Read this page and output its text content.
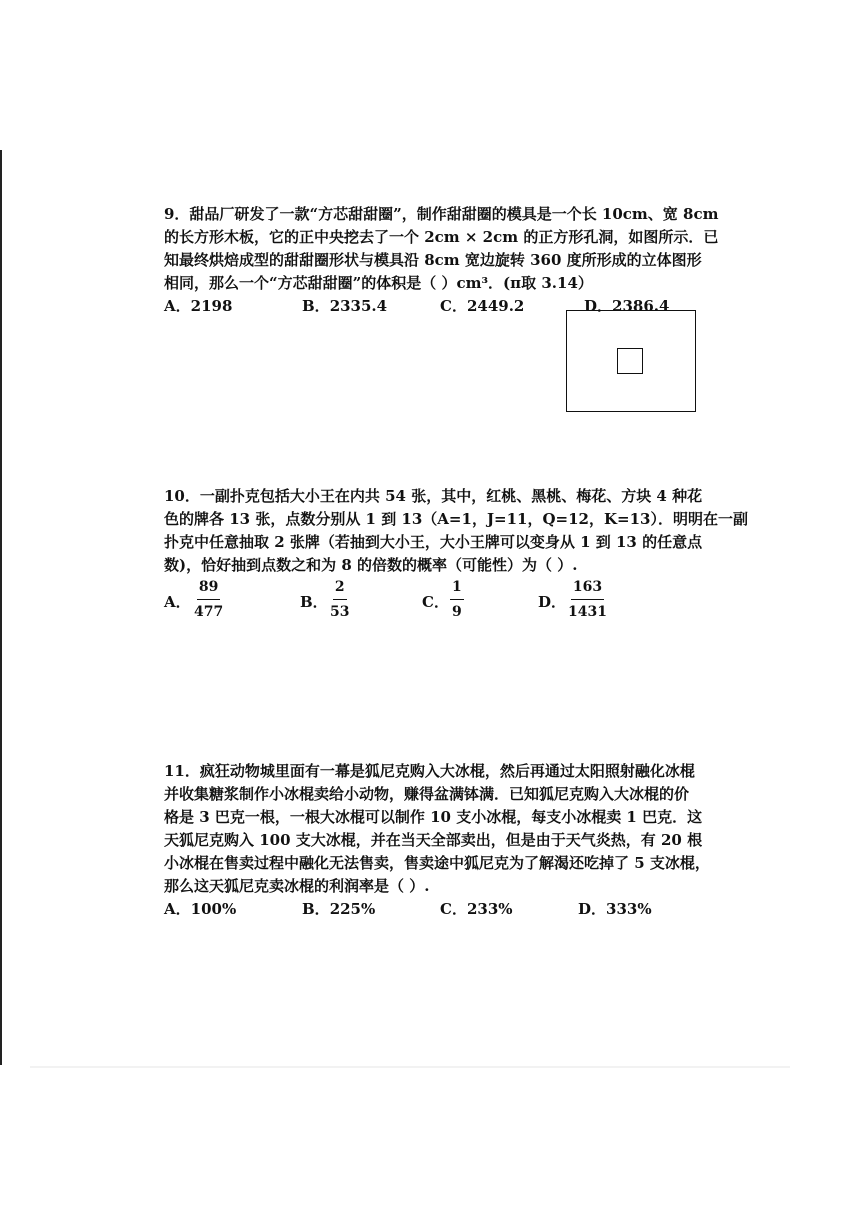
9．甜品厂研发了一款“方芯甜甜圈”，制作甜甜圈的模具是一个长 10cm、宽 8cm
的长方形木板，它的正中央挖去了一个 2cm × 2cm 的正方形孔洞，如图所示．已
知最终烘焙成型的甜甜圈形状与模具沿 8cm 宽边旋转 360 度所形成的立体图形
相同，那么一个“方芯甜甜圈”的体积是（ ）cm³．(π取 3.14）
A．2198	B．2335.4	C．2449.2	D．2386.4
10．一副扑克包括大小王在内共 54 张，其中，红桃、黑桃、梅花、方块 4 种花
色的牌各 13 张，点数分别从 1 到 13（A=1，J=11，Q=12，K=13）．明明在一副
扑克中任意抽取 2 张牌（若抽到大小王，大小王牌可以变身从 1 到 13 的任意点
数)，恰好抽到点数之和为 8 的倍数的概率（可能性）为（ ）.
A． $\frac{89}{477}$	B． $\frac{2}{53}$	C． $\frac{1}{9}$	D． $\frac{163}{1431}$
11．疯狂动物城里面有一幕是狐尼克购入大冰棍，然后再通过太阳照射融化冰棍
并收集糖浆制作小冰棍卖给小动物，赚得盆满钵满．已知狐尼克购入大冰棍的价
格是 3 巴克一根，一根大冰棍可以制作 10 支小冰棍，每支小冰棍卖 1 巴克．这
天狐尼克购入 100 支大冰棍，并在当天全部卖出，但是由于天气炎热，有 20 根
小冰棍在售卖过程中融化无法售卖，售卖途中狐尼克为了解渴还吃掉了 5 支冰棍，
那么这天狐尼克卖冰棍的利润率是（ ）.
A．100%	B．225%	C．233%	D．333%
